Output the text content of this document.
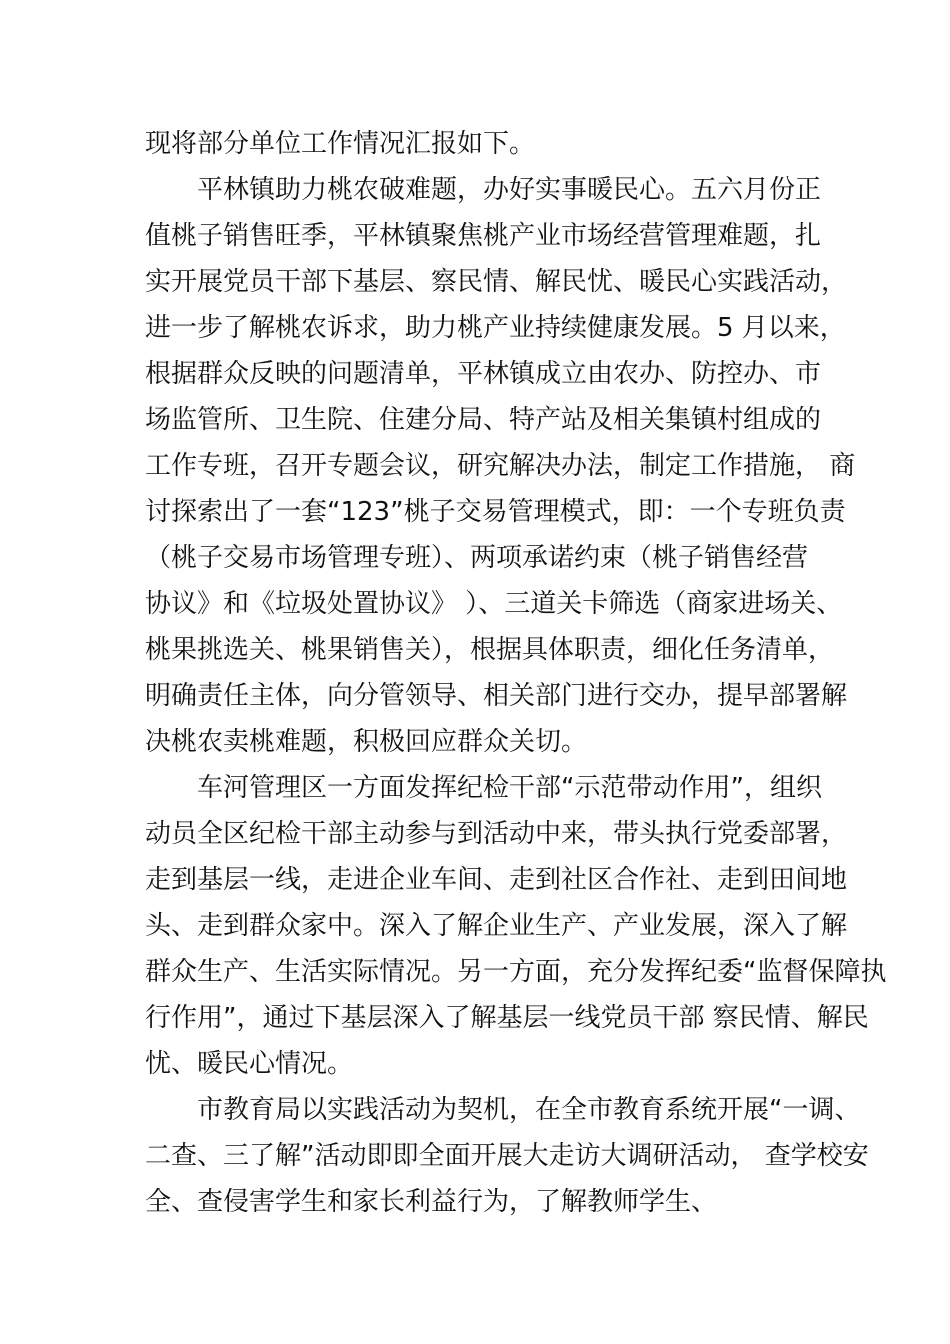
现将部分单位工作情况汇报如下。
平林镇助力桃农破难题，办好实事暖民心。五六月份正
值桃子销售旺季，平林镇聚焦桃产业市场经营管理难题，扎
实开展党员干部下基层、察民情、解民忧、暖民心实践活动，
进一步了解桃农诉求，助力桃产业持续健康发展。5 月以来，
根据群众反映的问题清单，平林镇成立由农办、防控办、市
场监管所、卫生院、住建分局、特产站及相关集镇村组成的
工作专班，召开专题会议，研究解决办法，制定工作措施， 商
讨探索出了一套“123”桃子交易管理模式，即：一个专班负责
（桃子交易市场管理专班）、两项承诺约束（桃子销售经营
协议》和《垃圾处置协议》 ）、三道关卡筛选（商家进场关、
桃果挑选关、桃果销售关），根据具体职责，细化任务清单，
明确责任主体，向分管领导、相关部门进行交办，提早部署解
决桃农卖桃难题，积极回应群众关切。
车河管理区一方面发挥纪检干部“示范带动作用”，组织
动员全区纪检干部主动参与到活动中来，带头执行党委部署，
走到基层一线，走进企业车间、走到社区合作社、走到田间地
头、走到群众家中。深入了解企业生产、产业发展，深入了解
群众生产、生活实际情况。另一方面，充分发挥纪委“监督保障执
行作用”，通过下基层深入了解基层一线党员干部 察民情、解民
忧、暖民心情况。
市教育局以实践活动为契机，在全市教育系统开展“一调、
二查、三了解”活动即即全面开展大走访大调研活动， 查学校安
全、查侵害学生和家长利益行为，了解教师学生、
